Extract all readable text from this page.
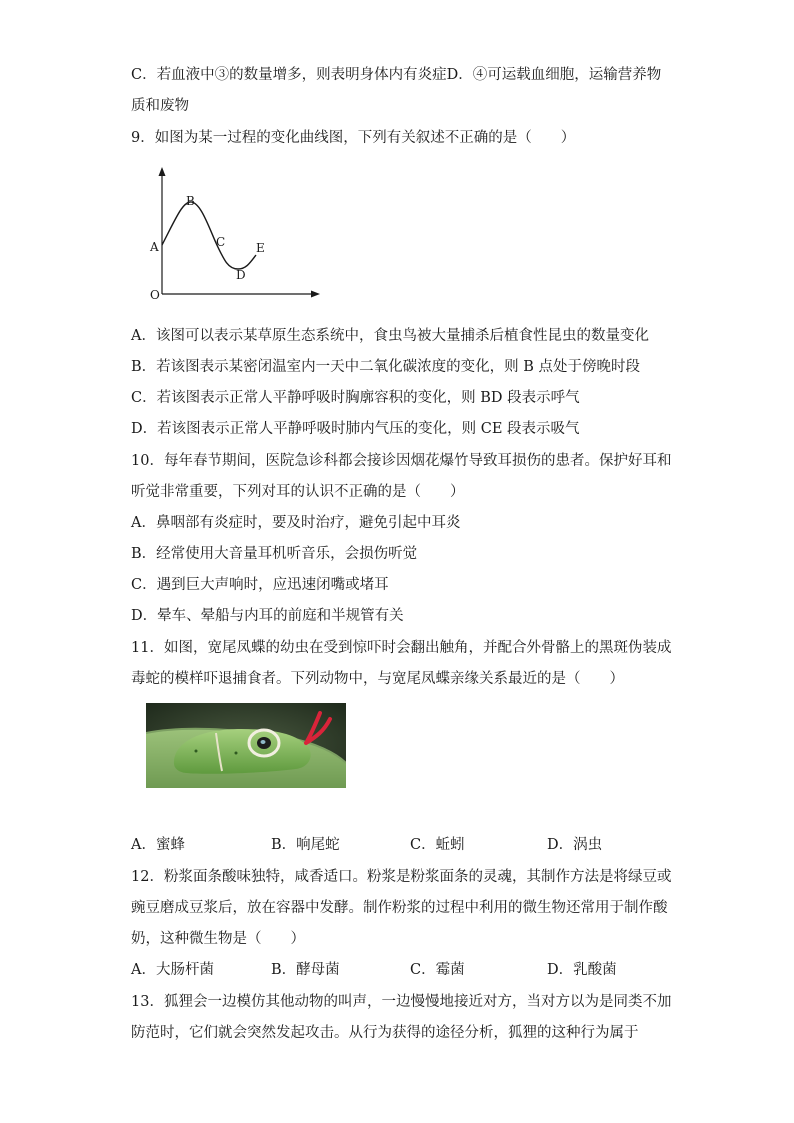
C．若血液中③的数量增多，则表明身体内有炎症D．④可运载血细胞，运输营养物
质和废物
9．如图为某一过程的变化曲线图，下列有关叙述不正确的是（　　）
O
A
B
C
D
E
A．该图可以表示某草原生态系统中，食虫鸟被大量捕杀后植食性昆虫的数量变化
B．若该图表示某密闭温室内一天中二氧化碳浓度的变化，则 B 点处于傍晚时段
C．若该图表示正常人平静呼吸时胸廓容积的变化，则 BD 段表示呼气
D．若该图表示正常人平静呼吸时肺内气压的变化，则 CE 段表示吸气
10．每年春节期间，医院急诊科都会接诊因烟花爆竹导致耳损伤的患者。保护好耳和
听觉非常重要，下列对耳的认识不正确的是（　　）
A．鼻咽部有炎症时，要及时治疗，避免引起中耳炎
B．经常使用大音量耳机听音乐，会损伤听觉
C．遇到巨大声响时，应迅速闭嘴或堵耳
D．晕车、晕船与内耳的前庭和半规管有关
11．如图，宽尾凤蝶的幼虫在受到惊吓时会翻出触角，并配合外骨骼上的黑斑伪装成
毒蛇的模样吓退捕食者。下列动物中，与宽尾凤蝶亲缘关系最近的是（　　）
A．蜜蜂	B．响尾蛇	C．蚯蚓	D．涡虫
12．粉浆面条酸味独特，咸香适口。粉浆是粉浆面条的灵魂，其制作方法是将绿豆或
豌豆磨成豆浆后，放在容器中发酵。制作粉浆的过程中利用的微生物还常用于制作酸
奶，这种微生物是（　　）
A．大肠杆菌	B．酵母菌	C．霉菌	D．乳酸菌
13．狐狸会一边模仿其他动物的叫声，一边慢慢地接近对方，当对方以为是同类不加
防范时，它们就会突然发起攻击。从行为获得的途径分析，狐狸的这种行为属于
